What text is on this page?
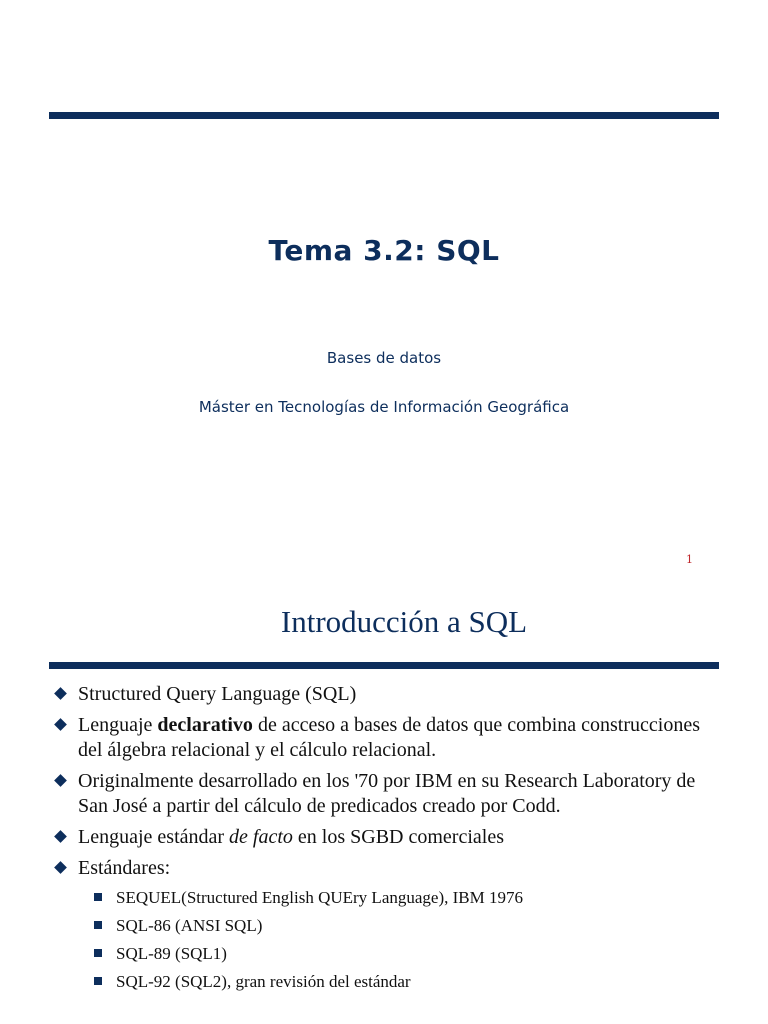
Tema 3.2: SQL
Bases de datos
Máster en Tecnologías de Información Geográfica
1
Introducción a SQL
Structured Query Language (SQL)
Lenguaje declarativo de acceso a bases de datos que combina construcciones del álgebra relacional y el cálculo relacional.
Originalmente desarrollado en los '70 por IBM en su Research Laboratory de San José a partir del cálculo de predicados creado por Codd.
Lenguaje estándar de facto en los SGBD comerciales
Estándares:
SEQUEL(Structured English QUEry Language), IBM 1976
SQL-86 (ANSI SQL)
SQL-89 (SQL1)
SQL-92 (SQL2), gran revisión del estándar
